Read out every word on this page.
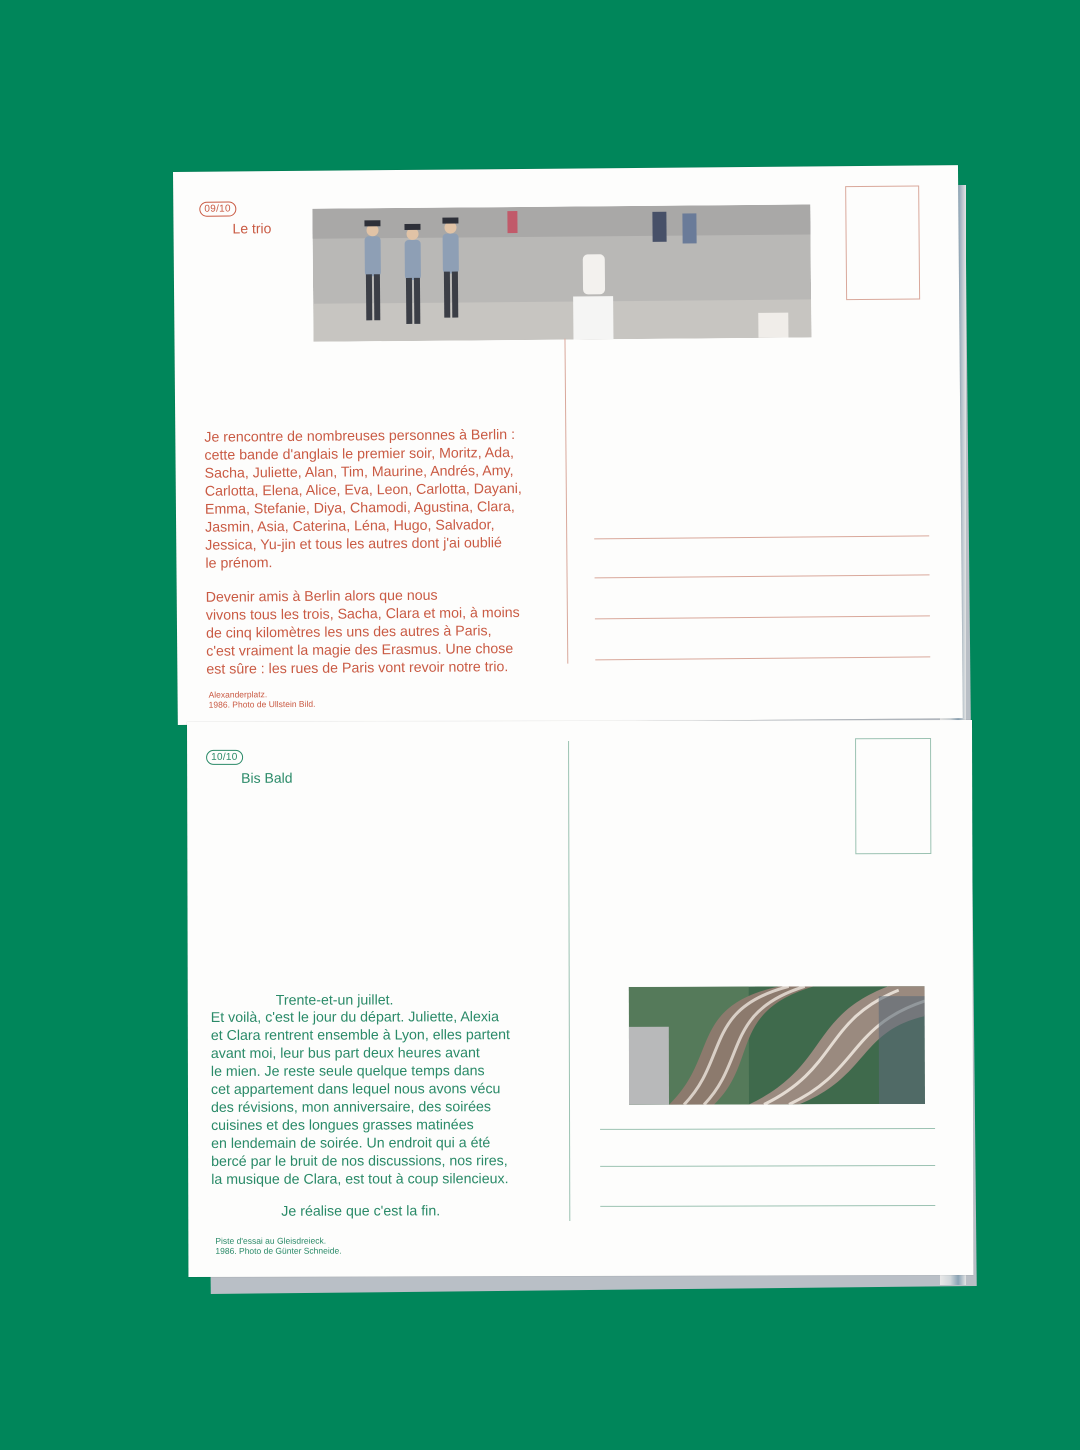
09/10
Le trio
Je rencontre de nombreuses personnes à Berlin :
cette bande d'anglais le premier soir, Moritz, Ada,
Sacha, Juliette, Alan, Tim, Maurine, Andrés, Amy,
Carlotta, Elena, Alice, Eva, Leon, Carlotta, Dayani,
Emma, Stefanie, Diya, Chamodi, Agustina, Clara,
Jasmin, Asia, Caterina, Léna, Hugo, Salvador,
Jessica, Yu-jin et tous les autres dont j'ai oublié
le prénom.
Devenir amis à Berlin alors que nous
vivons tous les trois, Sacha, Clara et moi, à moins
de cinq kilomètres les uns des autres à Paris,
c'est vraiment la magie des Erasmus. Une chose
est sûre : les rues de Paris vont revoir notre trio.
Alexanderplatz.
1986. Photo de Ullstein Bild.
10/10
Bis Bald
Trente-et-un juillet.
Et voilà, c'est le jour du départ. Juliette, Alexia
et Clara rentrent ensemble à Lyon, elles partent
avant moi, leur bus part deux heures avant
le mien. Je reste seule quelque temps dans
cet appartement dans lequel nous avons vécu
des révisions, mon anniversaire, des soirées
cuisines et des longues grasses matinées
en lendemain de soirée. Un endroit qui a été
bercé par le bruit de nos discussions, nos rires,
la musique de Clara, est tout à coup silencieux.
Je réalise que c'est la fin.
Piste d'essai au Gleisdreieck.
1986. Photo de Günter Schneide.
